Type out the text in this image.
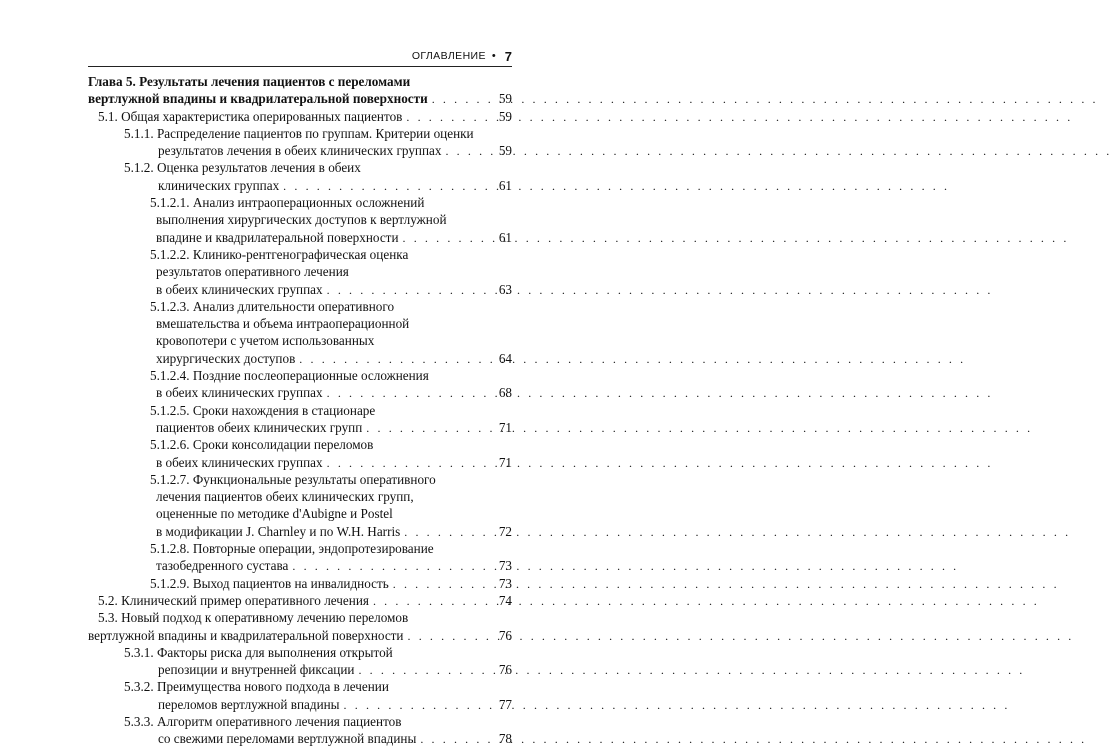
ОГЛАВЛЕНИЕ • 7
Глава 5. Результаты лечения пациентов с переломами
вертлужной впадины и квадрилатеральной поверхности . . .	59
5.1. Общая характеристика оперированных пациентов . . .	59
5.1.1. Распределение пациентов по группам. Критерии оценки
результатов лечения в обеих клинических группах . . .	59
5.1.2. Оценка результатов лечения в обеих
клинических группах . . .	61
5.1.2.1. Анализ интраоперационных осложнений
выполнения хирургических доступов к вертлужной
впадине и квадрилатеральной поверхности . . .	61
5.1.2.2. Клинико-рентгенографическая оценка
результатов оперативного лечения
в обеих клинических группах . . .	63
5.1.2.3. Анализ длительности оперативного
вмешательства и объема интраоперационной
кровопотери с учетом использованных
хирургических доступов . . .	64
5.1.2.4. Поздние послеоперационные осложнения
в обеих клинических группах . . .	68
5.1.2.5. Сроки нахождения в стационаре
пациентов обеих клинических групп . . .	71
5.1.2.6. Сроки консолидации переломов
в обеих клинических группах . . .	71
5.1.2.7. Функциональные результаты оперативного
лечения пациентов обеих клинических групп,
оцененные по методике d'Aubigne и Postel
в модификации J. Charnley и по W.H. Harris . . .	72
5.1.2.8. Повторные операции, эндопротезирование
тазобедренного сустава . . .	73
5.1.2.9. Выход пациентов на инвалидность . . .	73
5.2. Клинический пример оперативного лечения . . .	74
5.3. Новый подход к оперативному лечению переломов
вертлужной впадины и квадрилатеральной поверхности . . .	76
5.3.1. Факторы риска для выполнения открытой
репозиции и внутренней фиксации . . .	76
5.3.2. Преимущества нового подхода в лечении
переломов вертлужной впадины . . .	77
5.3.3. Алгоритм оперативного лечения пациентов
со свежими переломами вертлужной впадины . . .	78
